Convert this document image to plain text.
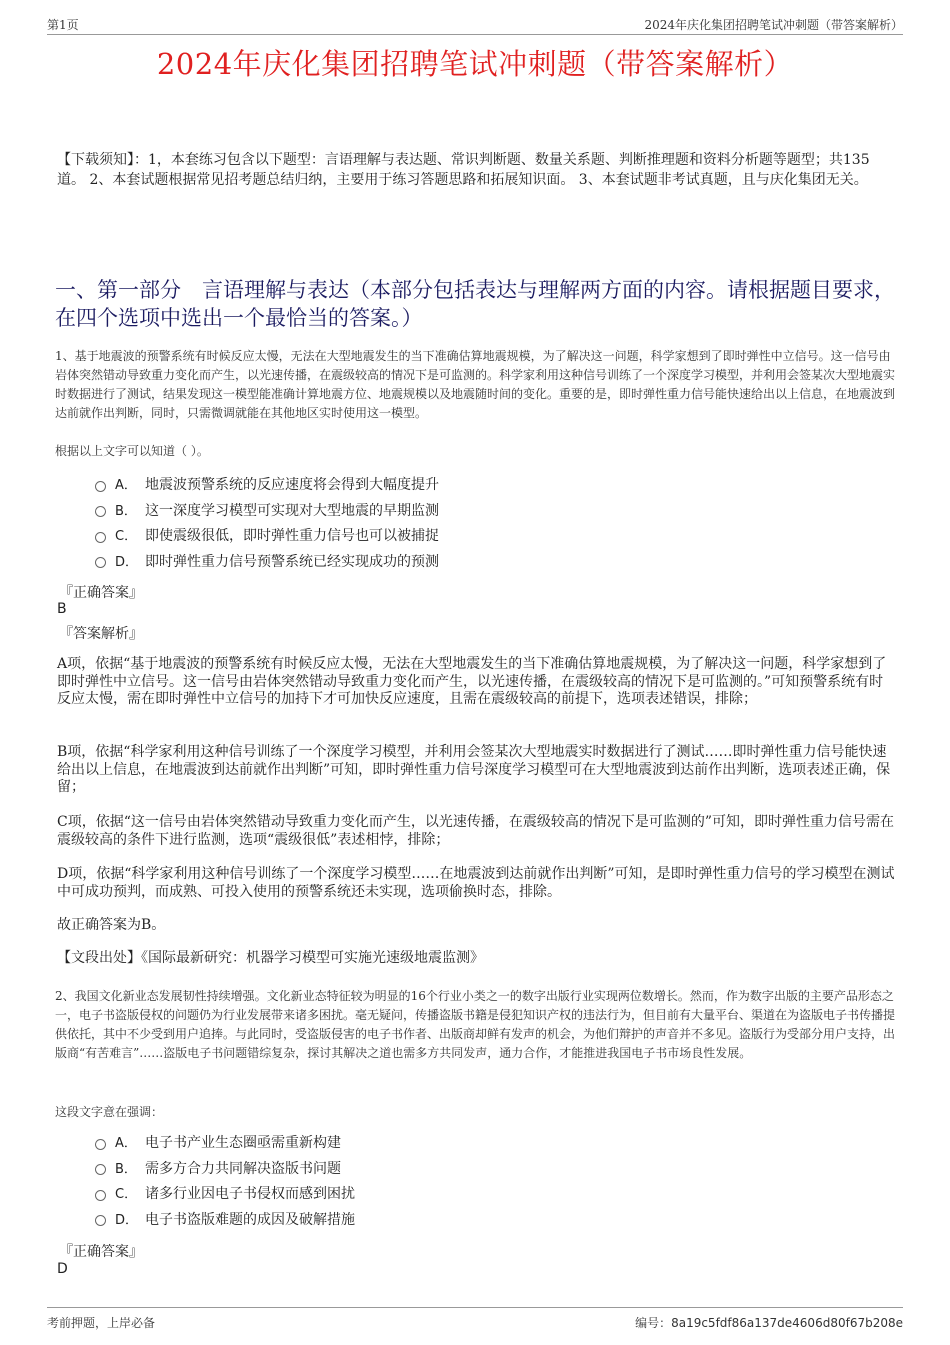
第1页	2024年庆化集团招聘笔试冲刺题（带答案解析）
2024年庆化集团招聘笔试冲刺题（带答案解析）
【下载须知】：1，本套练习包含以下题型：言语理解与表达题、常识判断题、数量关系题、判断推理题和资料分析题等题型；共135道。 2、本套试题根据常见招考题总结归纳，主要用于练习答题思路和拓展知识面。 3、本套试题非考试真题，且与庆化集团无关。
一、第一部分　言语理解与表达（本部分包括表达与理解两方面的内容。请根据题目要求，在四个选项中选出一个最恰当的答案。）
1、基于地震波的预警系统有时候反应太慢，无法在大型地震发生的当下准确估算地震规模，为了解决这一问题，科学家想到了即时弹性中立信号。这一信号由岩体突然错动导致重力变化而产生，以光速传播，在震级较高的情况下是可监测的。科学家利用这种信号训练了一个深度学习模型，并利用会签某次大型地震实时数据进行了测试，结果发现这一模型能准确计算地震方位、地震规模以及地震随时间的变化。重要的是，即时弹性重力信号能快速给出以上信息，在地震波到达前就作出判断，同时，只需微调就能在其他地区实时使用这一模型。
根据以上文字可以知道（ ）。
A． 地震波预警系统的反应速度将会得到大幅度提升
B． 这一深度学习模型可实现对大型地震的早期监测
C． 即使震级很低，即时弹性重力信号也可以被捕捉
D． 即时弹性重力信号预警系统已经实现成功的预测
『正确答案』
B
『答案解析』
A项，依据“基于地震波的预警系统有时候反应太慢，无法在大型地震发生的当下准确估算地震规模，为了解决这一问题，科学家想到了即时弹性中立信号。这一信号由岩体突然错动导致重力变化而产生，以光速传播，在震级较高的情况下是可监测的。”可知预警系统有时反应太慢，需在即时弹性中立信号的加持下才可加快反应速度，且需在震级较高的前提下，选项表述错误，排除；
B项，依据“科学家利用这种信号训练了一个深度学习模型，并利用会签某次大型地震实时数据进行了测试……即时弹性重力信号能快速给出以上信息，在地震波到达前就作出判断”可知，即时弹性重力信号深度学习模型可在大型地震波到达前作出判断，选项表述正确，保留；
C项，依据“这一信号由岩体突然错动导致重力变化而产生，以光速传播，在震级较高的情况下是可监测的”可知，即时弹性重力信号需在震级较高的条件下进行监测，选项“震级很低”表述相悖，排除；
D项，依据“科学家利用这种信号训练了一个深度学习模型……在地震波到达前就作出判断”可知，是即时弹性重力信号的学习模型在测试中可成功预判，而成熟、可投入使用的预警系统还未实现，选项偷换时态，排除。
故正确答案为B。
【文段出处】《国际最新研究：机器学习模型可实施光速级地震监测》
2、我国文化新业态发展韧性持续增强。文化新业态特征较为明显的16个行业小类之一的数字出版行业实现两位数增长。然而，作为数字出版的主要产品形态之一，电子书盗版侵权的问题仍为行业发展带来诸多困扰。毫无疑问，传播盗版书籍是侵犯知识产权的违法行为，但目前有大量平台、渠道在为盗版电子书传播提供依托，其中不少受到用户追捧。与此同时，受盗版侵害的电子书作者、出版商却鲜有发声的机会，为他们辩护的声音并不多见。盗版行为受部分用户支持，出版商“有苦难言”……盗版电子书问题错综复杂，探讨其解决之道也需多方共同发声，通力合作，才能推进我国电子书市场良性发展。
这段文字意在强调：
A． 电子书产业生态圈亟需重新构建
B． 需多方合力共同解决盗版书问题
C． 诸多行业因电子书侵权而感到困扰
D． 电子书盗版难题的成因及破解措施
『正确答案』
D
考前押题，上岸必备	编号：8a19c5fdf86a137de4606d80f67b208e
